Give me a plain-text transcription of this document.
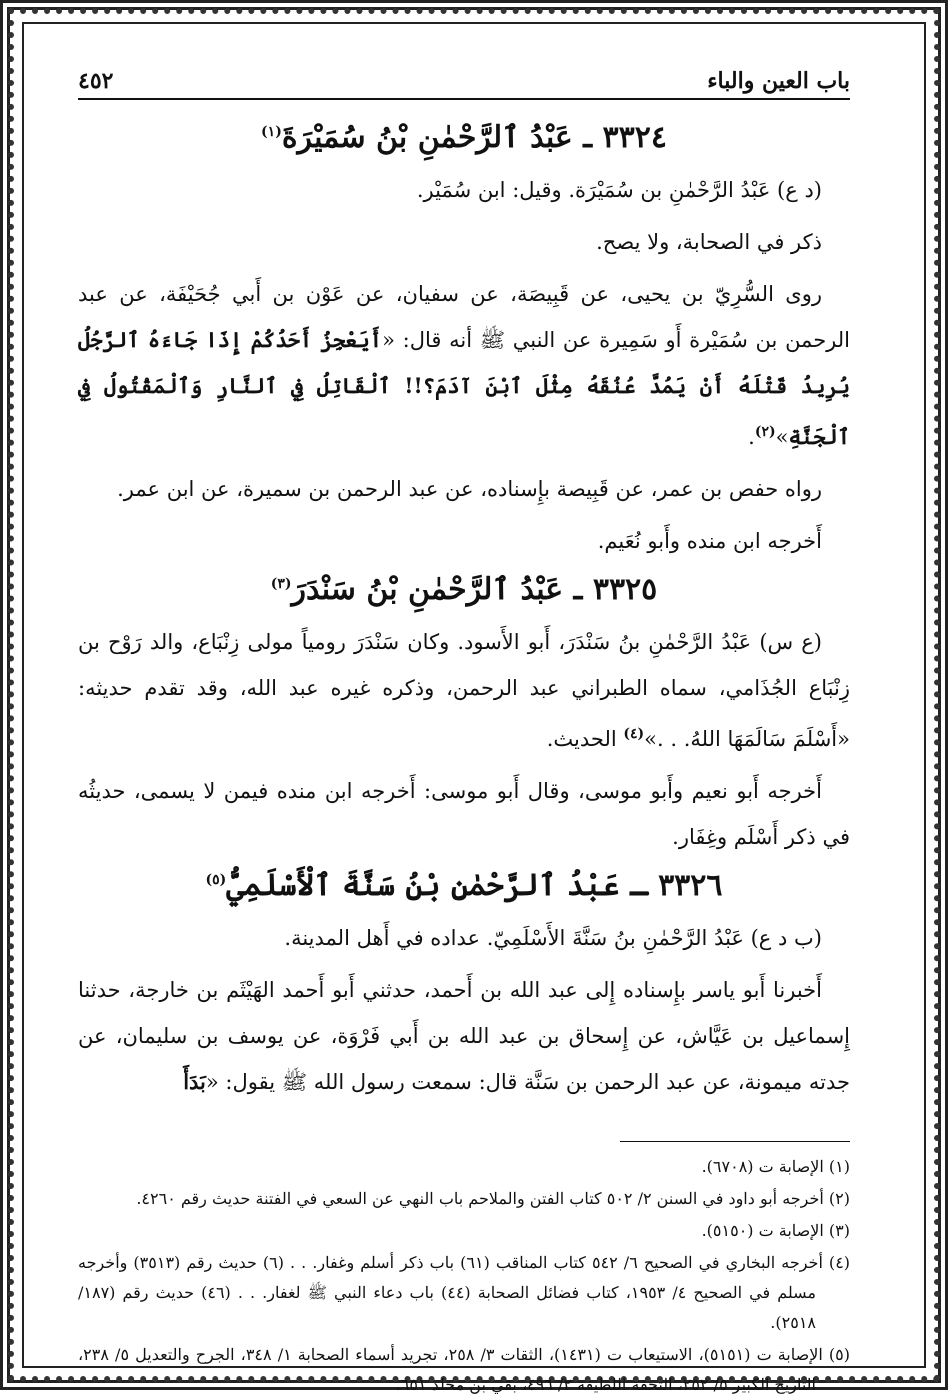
باب العين والباء
٤٥٢
٣٣٢٤ ـ عَبْدُ ٱلرَّحْمٰنِ بْنُ سُمَيْرَةَ$^{(١)}$

(د ع) عَبْدُ الرَّحْمٰنِ بن سُمَيْرَة. وقيل: ابن سُمَيْر.

ذكر في الصحابة، ولا يصح.

روى السُّرِيّ بن يحيى، عن قَبِيصَة، عن سفيان، عن عَوْن بن أَبي جُحَيْفَة، عن عبد الرحمن بن سُمَيْرة أَو سَمِيرة عن النبي ﷺ أنه قال: «أَيَعْجِزُ أَحَدُكُمْ إِذَا جَاءَهُ ٱلرَّجُلُ يُرِيدُ قَتْلَهُ أَنْ يَمُدَّ عُنُقَهُ مِثْلَ ٱبْنَ آدَمَ؟!! ٱلْقَاتِلُ فِي ٱلنَّارِ وَٱلْمَقْتُولُ فِي ٱلْجَنَّةِ»$^{(٢)}$.

رواه حفص بن عمر، عن قَبِيصة بإِسناده، عن عبد الرحمن بن سميرة، عن ابن عمر.

أَخرجه ابن منده وأَبو نُعَيم.

٣٣٢٥ ـ عَبْدُ ٱلرَّحْمٰنِ بْنُ سَنْدَرَ$^{(٣)}$

(ع س) عَبْدُ الرَّحْمٰنِ بنُ سَنْدَرَ، أَبو الأَسود. وكان سَنْدَرَ رومياً مولى زِنْبَاع، والد رَوْح بن زِنْبَاع الجُذَامي، سماه الطبراني عبد الرحمن، وذكره غيره عبد الله، وقد تقدم حديثه: «أَسْلَمَ سَالَمَهَا اللهُ. . .»$^{(٤)}$ الحديث.

أَخرجه أَبو نعيم وأَبو موسى، وقال أَبو موسى: أَخرجه ابن منده فيمن لا يسمى، حديثُه في ذكر أَسْلَم وغِفَار.

٣٣٢٦ ـ عَبْدُ ٱلرَّحْمٰنِ بْنُ سَنَّةَ ٱلْأَسْلَمِيُّ$^{(٥)}$

(ب د ع) عَبْدُ الرَّحْمٰنِ بنُ سَنَّةَ الأَسْلَمِيّ. عداده في أَهل المدينة.

أَخبرنا أَبو ياسر بإِسناده إِلى عبد الله بن أَحمد، حدثني أَبو أَحمد الهَيْثَم بن خارجة، حدثنا إِسماعيل بن عَيَّاش، عن إِسحاق بن عبد الله بن أَبي فَرْوَة، عن يوسف بن سليمان، عن جدته ميمونة، عن عبد الرحمن بن سَنَّة قال: سمعت رسول الله ﷺ يقول: «بَدَأَ

(١) الإصابة ت (٦٧٠٨).

(٢) أخرجه أبو داود في السنن ٢/ ٥٠٢ كتاب الفتن والملاحم باب النهي عن السعي في الفتنة حديث رقم ٤٢٦٠.

(٣) الإصابة ت (٥١٥٠).

(٤) أخرجه البخاري في الصحيح ٦/ ٥٤٢ كتاب المناقب (٦١) باب ذكر أسلم وغفار. . . (٦) حديث رقم (٣٥١٣) وأخرجه مسلم في الصحيح ٤/ ١٩٥٣، كتاب فضائل الصحابة (٤٤) باب دعاء النبي ﷺ لغفار. . . (٤٦) حديث رقم (١٨٧/ ٢٥١٨).

(٥) الإصابة ت (٥١٥١)، الاستيعاب ت (١٤٣١)، الثقات ٣/ ٢٥٨، تجريد أسماء الصحابة ١/ ٣٤٨، الجرح والتعديل ٥/ ٢٣٨، التاريخ الكبير ٥/ ٢٥٢، التحفة اللطيفة ٢/ ٤٩٦، بقي بن مخلد ٦٥١.
